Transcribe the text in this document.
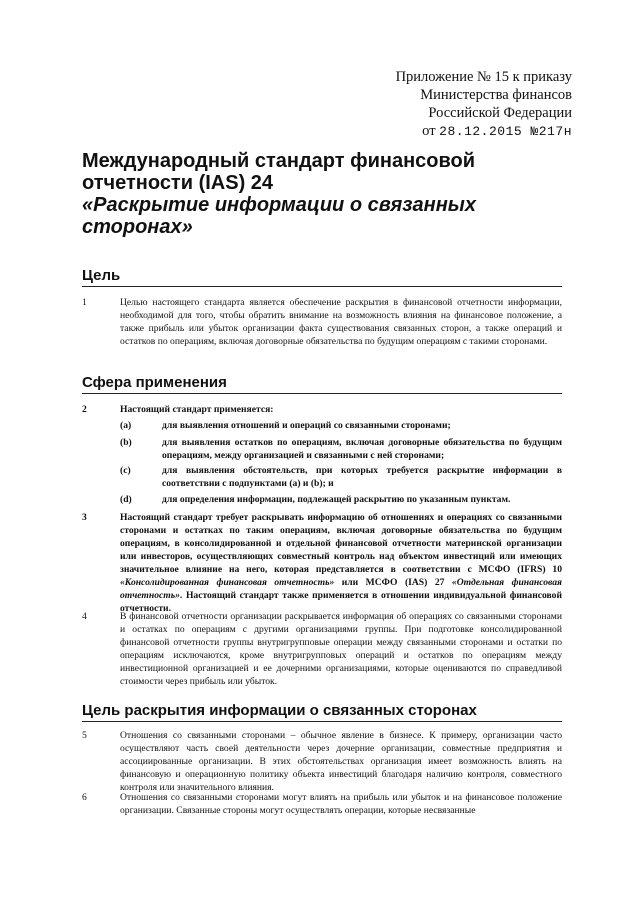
Приложение № 15 к приказу
Министерства финансов
Российской Федерации
от 28.12.2015 №217н
Международный стандарт финансовой
отчетности (IAS) 24
«Раскрытие информации о связанных сторонах»
Цель
1	Целью настоящего стандарта является обеспечение раскрытия в финансовой отчетности информации, необходимой для того, чтобы обратить внимание на возможность влияния на финансовое положение, а также прибыль или убыток организации факта существования связанных сторон, а также операций и остатков по операциям, включая договорные обязательства по будущим операциям с такими сторонами.
Сфера применения
2	Настоящий стандарт применяется:
(a)	для выявления отношений и операций со связанными сторонами;
(b)	для выявления остатков по операциям, включая договорные обязательства по будущим операциям, между организацией и связанными с ней сторонами;
(c)	для выявления обстоятельств, при которых требуется раскрытие информации в соответствии с подпунктами (a) и (b); и
(d)	для определения информации, подлежащей раскрытию по указанным пунктам.
3	Настоящий стандарт требует раскрывать информацию об отношениях и операциях со связанными сторонами и остатках по таким операциям, включая договорные обязательства по будущим операциям, в консолидированной и отдельной финансовой отчетности материнской организации или инвесторов, осуществляющих совместный контроль над объектом инвестиций или имеющих значительное влияние на него, которая представляется в соответствии с МСФО (IFRS) 10 «Консолидированная финансовая отчетность» или МСФО (IAS) 27 «Отдельная финансовая отчетность». Настоящий стандарт также применяется в отношении индивидуальной финансовой отчетности.
4	В финансовой отчетности организации раскрывается информация об операциях со связанными сторонами и остатках по операциям с другими организациями группы. При подготовке консолидированной финансовой отчетности группы внутригрупповые операции между связанными сторонами и остатки по операциям исключаются, кроме внутригрупповых операций и остатков по операциям между инвестиционной организацией и ее дочерними организациями, которые оцениваются по справедливой стоимости через прибыль или убыток.
Цель раскрытия информации о связанных сторонах
5	Отношения со связанными сторонами – обычное явление в бизнесе. К примеру, организации часто осуществляют часть своей деятельности через дочерние организации, совместные предприятия и ассоциированные организации. В этих обстоятельствах организация имеет возможность влиять на финансовую и операционную политику объекта инвестиций благодаря наличию контроля, совместного контроля или значительного влияния.
6	Отношения со связанными сторонами могут влиять на прибыль или убыток и на финансовое положение организации. Связанные стороны могут осуществлять операции, которые несвязанные
